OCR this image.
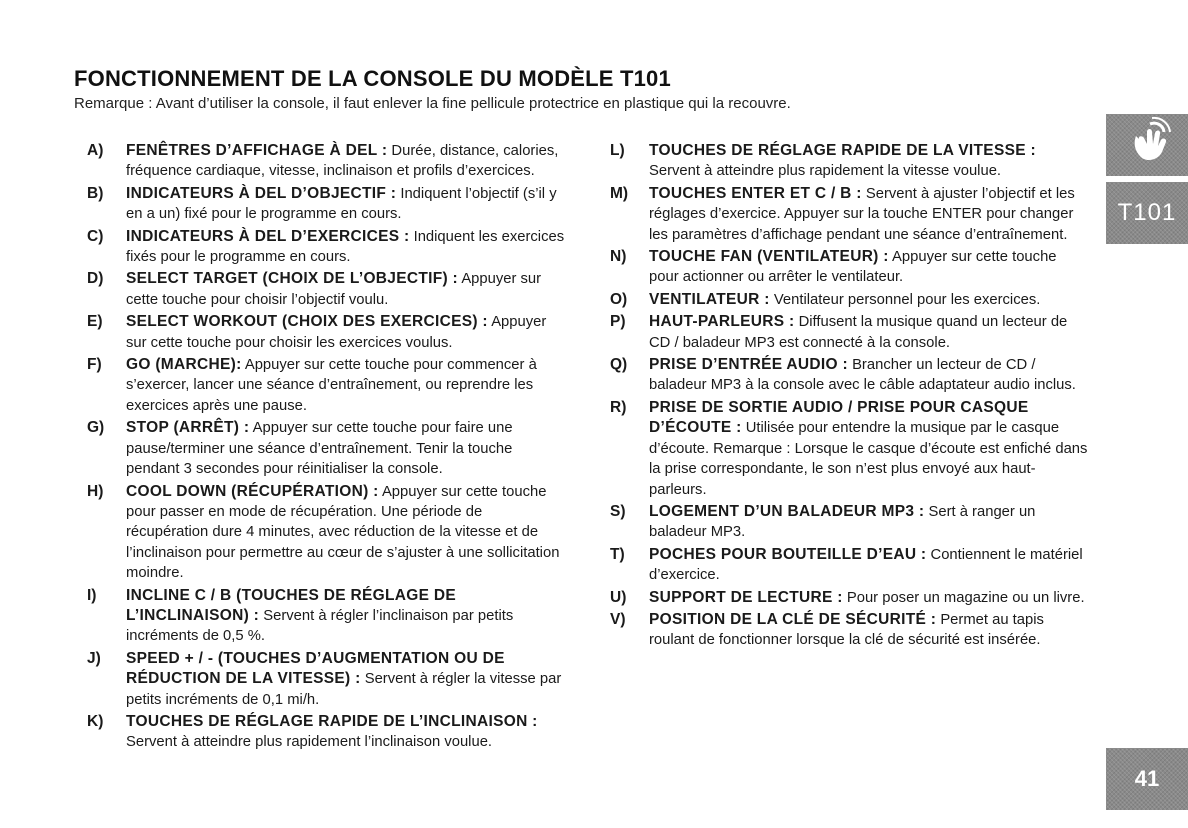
FONCTIONNEMENT DE LA CONSOLE DU MODÈLE T101

Remarque : Avant d’utiliser la console, il faut enlever la fine pellicule protectrice en plastique qui la recouvre.

A)	FENÊTRES D’AFFICHAGE À DEL : Durée, distance, calories, fréquence cardiaque, vitesse, inclinaison et profils d’exercices.
B)	INDICATEURS À DEL D’OBJECTIF : Indiquent l’objectif (s’il y en a un) fixé pour le programme en cours.
C)	INDICATEURS À DEL D’EXERCICES : Indiquent les exercices fixés pour le programme en cours.
D)	SELECT TARGET (CHOIX DE L’OBJECTIF) : Appuyer sur cette touche pour choisir l’objectif voulu.
E)	SELECT WORKOUT (CHOIX DES EXERCICES) : Appuyer sur cette touche pour choisir les exercices voulus.
F)	GO (MARCHE): Appuyer sur cette touche pour commencer à s’exercer, lancer une séance d’entraînement, ou reprendre les exercices après une pause.
G)	STOP (ARRÊT) : Appuyer sur cette touche pour faire une pause/terminer une séance d’entraînement. Tenir la touche pendant 3 secondes pour réinitialiser la console.
H)	COOL DOWN (RÉCUPÉRATION) : Appuyer sur cette touche pour passer en mode de récupération. Une période de récupération dure 4 minutes, avec réduction de la vitesse et de l’inclinaison pour permettre au cœur de s’ajuster à une sollicitation moindre.
I)	INCLINE C / B (TOUCHES DE RÉGLAGE DE L’INCLINAISON) : Servent à régler l’inclinaison par petits incréments de 0,5 %.
J)	SPEED + / - (TOUCHES D’AUGMENTATION OU DE RÉDUCTION DE LA VITESSE) : Servent à régler la vitesse par petits incréments de 0,1 mi/h.
K)	TOUCHES DE RÉGLAGE RAPIDE DE L’INCLINAISON : Servent à atteindre plus rapidement l’inclinaison voulue.
L)	TOUCHES DE RÉGLAGE RAPIDE DE LA VITESSE : Servent à atteindre plus rapidement la vitesse voulue.
M)	TOUCHES ENTER ET C / B : Servent à ajuster l’objectif et les réglages d’exercice. Appuyer sur la touche ENTER pour changer les paramètres d’affichage pendant une séance d’entraînement.
N)	TOUCHE FAN (VENTILATEUR) : Appuyer sur cette touche pour actionner ou arrêter le ventilateur.
O)	VENTILATEUR : Ventilateur personnel pour les exercices.
P)	HAUT-PARLEURS : Diffusent la musique quand un lecteur de CD / baladeur MP3 est connecté à la console.
Q)	PRISE D’ENTRÉE AUDIO : Brancher un lecteur de CD / baladeur MP3 à la console avec le câble adaptateur audio inclus.
R)	PRISE DE SORTIE AUDIO / PRISE POUR CASQUE D’ÉCOUTE : Utilisée pour entendre la musique par le casque d’écoute. Remarque : Lorsque le casque d’écoute est enfiché dans la prise correspondante, le son n’est plus envoyé aux haut-parleurs.
S)	LOGEMENT D’UN BALADEUR MP3 : Sert à ranger un baladeur MP3.
T)	POCHES POUR BOUTEILLE D’EAU : Contiennent le matériel d’exercice.
U)	SUPPORT DE LECTURE : Pour poser un magazine ou un livre.
V)	POSITION DE LA CLÉ DE SÉCURITÉ : Permet au tapis roulant de fonctionner lorsque la clé de sécurité est insérée.
T101
41
